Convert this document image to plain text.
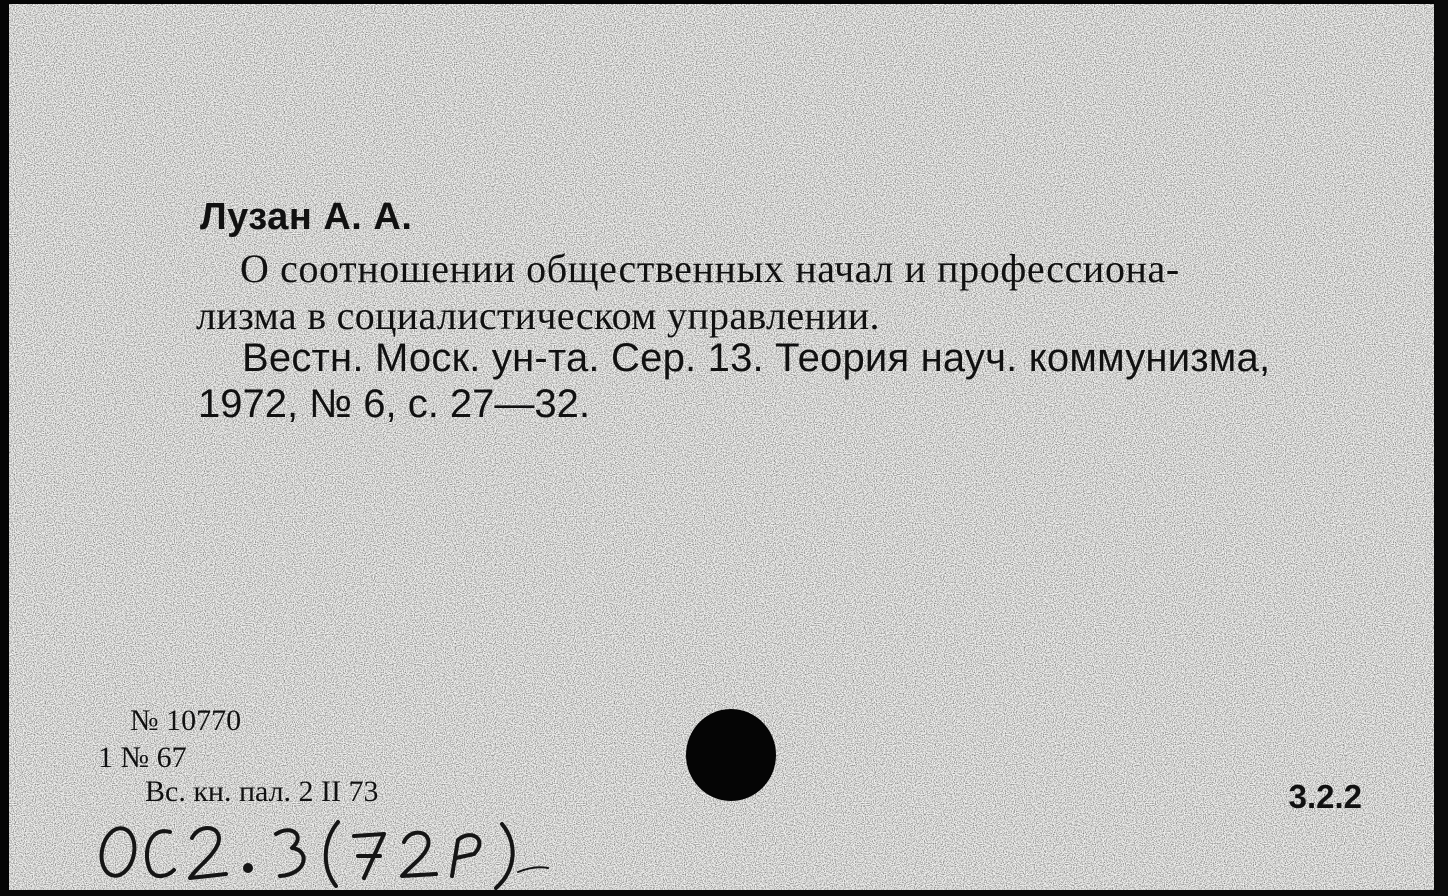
Лузан А. А.
О соотношении общественных начал и профессиона-
лизма в социалистическом управлении.
Вестн. Моск. ун-та. Сер. 13. Теория науч. коммунизма,
1972, № 6, с. 27—32.
№ 10770
1 № 67
Вс. кн. пал. 2 II 73	3.2.2
